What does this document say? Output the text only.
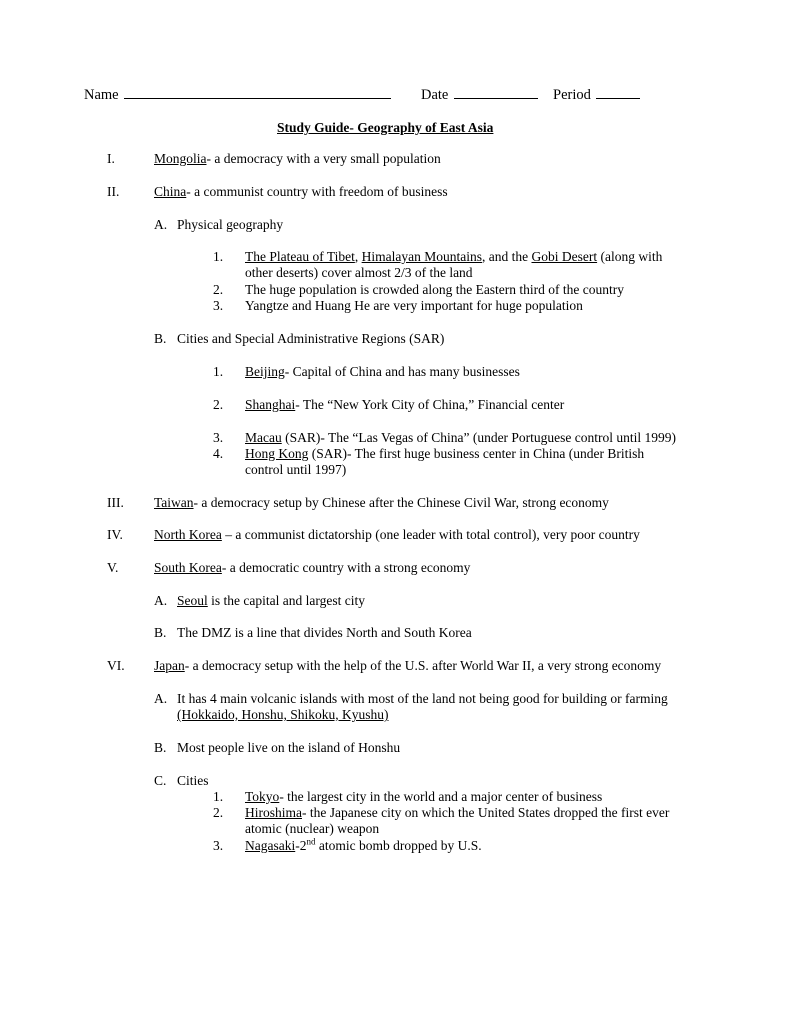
Name	Date	Period
Study Guide- Geography of East Asia
I.	Mongolia- a democracy with a very small population
II.	China- a communist country with freedom of business
A. Physical geography
1. The Plateau of Tibet, Himalayan Mountains, and the Gobi Desert (along with
other deserts) cover almost 2/3 of the land
2. The huge population is crowded along the Eastern third of the country
3. Yangtze and Huang He are very important for huge population
B. Cities and Special Administrative Regions (SAR)
1. Beijing- Capital of China and has many businesses
2. Shanghai- The “New York City of China,” Financial center
3. Macau (SAR)- The “Las Vegas of China” (under Portuguese control until 1999)
4. Hong Kong (SAR)- The first huge business center in China (under British
control until 1997)
III. Taiwan- a democracy setup by Chinese after the Chinese Civil War, strong economy
IV. North Korea – a communist dictatorship (one leader with total control), very poor country
V.	South Korea- a democratic country with a strong economy
A. Seoul is the capital and largest city
B. The DMZ is a line that divides North and South Korea
VI. Japan- a democracy setup with the help of the U.S. after World War II, a very strong economy
A. It has 4 main volcanic islands with most of the land not being good for building or farming
(Hokkaido, Honshu, Shikoku, Kyushu)
B. Most people live on the island of Honshu
C. Cities
1. Tokyo- the largest city in the world and a major center of business
2. Hiroshima- the Japanese city on which the United States dropped the first ever
atomic (nuclear) weapon
3. Nagasaki-2nd atomic bomb dropped by U.S.
